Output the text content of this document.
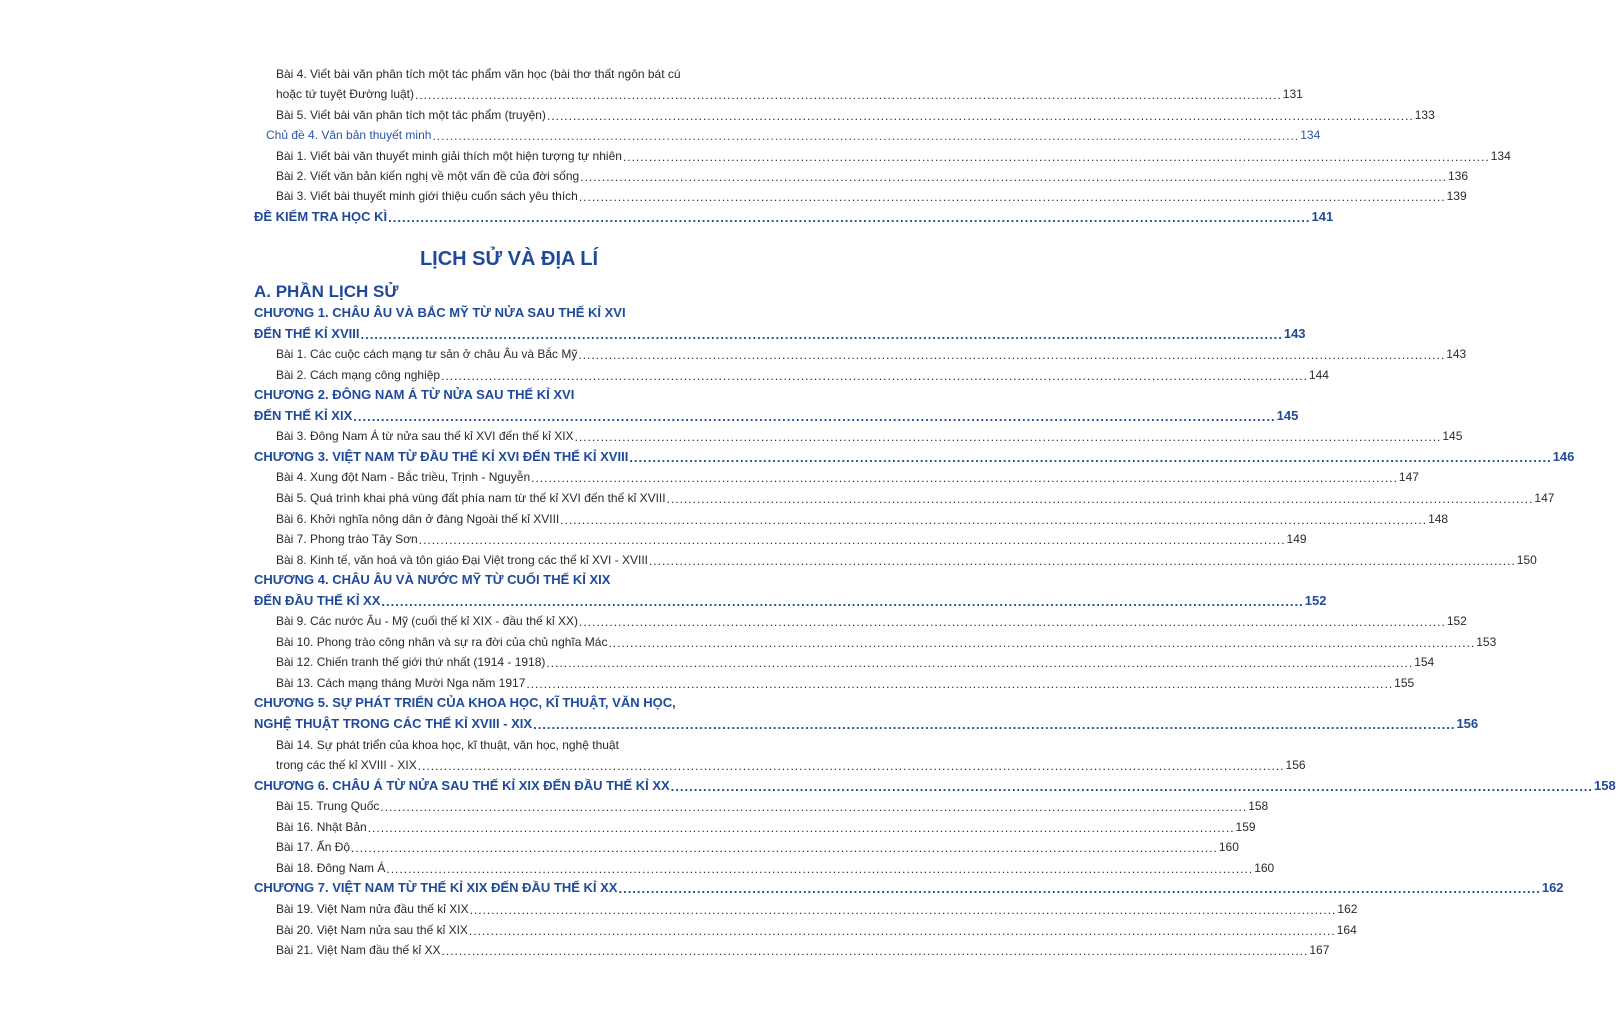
Bài 4. Viết bài văn phân tích một tác phẩm văn học (bài thơ thất ngôn bát cú
hoặc tứ tuyệt Đường luật) ........................................................................................................................................................................................................ 131
Bài 5. Viết bài văn phân tích một tác phẩm (truyện) ........................................................................................................................................................................................................ 133
Chủ đề 4. Văn bản thuyết minh ........................................................................................................................................................................................................ 134
Bài 1. Viết bài văn thuyết minh giải thích một hiện tượng tự nhiên ........................................................................................................................................................................................................ 134
Bài 2. Viết văn bản kiến nghị về một vấn đề của đời sống ........................................................................................................................................................................................................ 136
Bài 3. Viết bài thuyết minh giới thiệu cuốn sách yêu thích ........................................................................................................................................................................................................ 139
ĐỀ KIỂM TRA HỌC KÌ ........................................................................................................................................................................................................ 141
LỊCH SỬ VÀ ĐỊA LÍ
A. PHẦN LỊCH SỬ
CHƯƠNG 1. CHÂU ÂU VÀ BẮC MỸ TỪ NỬA SAU THẾ KỈ XVI
ĐẾN THẾ KỈ XVIII ........................................................................................................................................................................................................ 143
Bài 1. Các cuộc cách mạng tư sản ở châu Âu và Bắc Mỹ ........................................................................................................................................................................................................ 143
Bài 2. Cách mạng công nghiệp ........................................................................................................................................................................................................ 144
CHƯƠNG 2. ĐÔNG NAM Á TỪ NỬA SAU THẾ KỈ XVI
ĐẾN THẾ KỈ XIX ........................................................................................................................................................................................................ 145
Bài 3. Đông Nam Á từ nửa sau thế kỉ XVI đến thế kỉ XIX ........................................................................................................................................................................................................ 145
CHƯƠNG 3. VIỆT NAM TỪ ĐẦU THẾ KỈ XVI ĐẾN THẾ KỈ XVIII ........................................................................................................................................................................................................ 146
Bài 4. Xung đột Nam - Bắc triều, Trịnh - Nguyễn ........................................................................................................................................................................................................ 147
Bài 5. Quá trình khai phá vùng đất phía nam từ thế kỉ XVI đến thế kỉ XVIII ........................................................................................................................................................................................................ 147
Bài 6. Khởi nghĩa nông dân ở đàng Ngoài thế kỉ XVIII ........................................................................................................................................................................................................ 148
Bài 7. Phong trào Tây Sơn ........................................................................................................................................................................................................ 149
Bài 8. Kinh tế, văn hoá và tôn giáo Đại Việt trong các thế kỉ XVI - XVIII ........................................................................................................................................................................................................ 150
CHƯƠNG 4. CHÂU ÂU VÀ NƯỚC MỸ TỪ CUỐI THẾ KỈ XIX
ĐẾN ĐẦU THẾ KỈ XX ........................................................................................................................................................................................................ 152
Bài 9. Các nước Âu - Mỹ (cuối thế kỉ XIX - đầu thế kỉ XX) ........................................................................................................................................................................................................ 152
Bài 10. Phong trào công nhân và sự ra đời của chủ nghĩa Mác ........................................................................................................................................................................................................ 153
Bài 12. Chiến tranh thế giới thứ nhất (1914 - 1918) ........................................................................................................................................................................................................ 154
Bài 13. Cách mạng tháng Mười Nga năm 1917 ........................................................................................................................................................................................................ 155
CHƯƠNG 5. SỰ PHÁT TRIỂN CỦA KHOA HỌC, KĨ THUẬT, VĂN HỌC,
NGHỆ THUẬT TRONG CÁC THẾ KỈ XVIII - XIX ........................................................................................................................................................................................................ 156
Bài 14. Sự phát triển của khoa học, kĩ thuật, văn học, nghệ thuật
trong các thế kỉ XVIII - XIX ........................................................................................................................................................................................................ 156
CHƯƠNG 6. CHÂU Á TỪ NỬA SAU THẾ KỈ XIX ĐẾN ĐẦU THẾ KỈ XX ........................................................................................................................................................................................................ 158
Bài 15. Trung Quốc ........................................................................................................................................................................................................ 158
Bài 16. Nhật Bản ........................................................................................................................................................................................................ 159
Bài 17. Ấn Độ ........................................................................................................................................................................................................ 160
Bài 18. Đông Nam Á ........................................................................................................................................................................................................ 160
CHƯƠNG 7. VIỆT NAM TỪ THẾ KỈ XIX ĐẾN ĐẦU THẾ KỈ XX ........................................................................................................................................................................................................ 162
Bài 19. Việt Nam nửa đầu thế kỉ XIX ........................................................................................................................................................................................................ 162
Bài 20. Việt Nam nửa sau thế kỉ XIX ........................................................................................................................................................................................................ 164
Bài 21. Việt Nam đầu thế kỉ XX ........................................................................................................................................................................................................ 167
